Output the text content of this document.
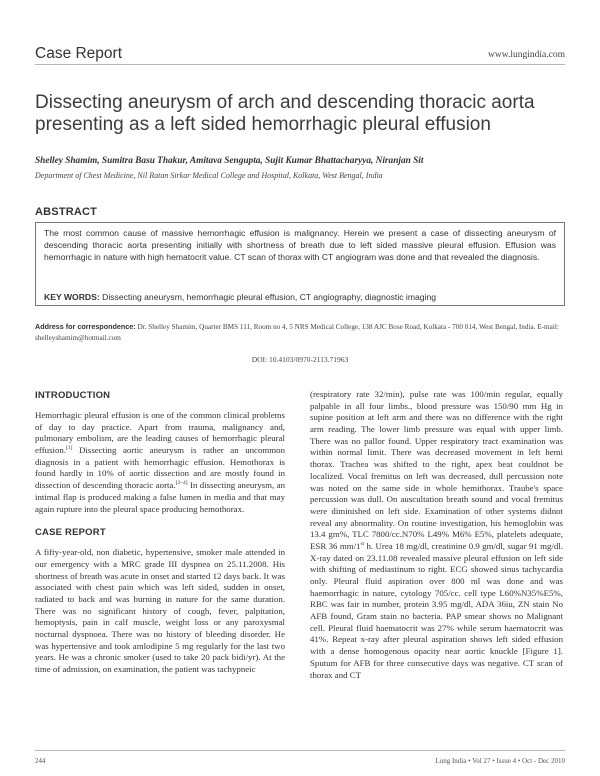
Case Report	www.lungindia.com
Dissecting aneurysm of arch and descending thoracic aorta presenting as a left sided hemorrhagic pleural effusion
Shelley Shamim, Sumitra Basu Thakur, Amitava Sengupta, Sujit Kumar Bhattacharyya, Niranjan Sit
Department of Chest Medicine, Nil Ratan Sirkar Medical College and Hospital, Kolkata, West Bengal, India
ABSTRACT
The most common cause of massive hemorrhagic effusion is malignancy. Herein we present a case of dissecting aneurysm of descending thoracic aorta presenting initially with shortness of breath due to left sided massive pleural effusion. Effusion was hemorrhagic in nature with high hematocrit value. CT scan of thorax with CT angiogram was done and that revealed the diagnosis.
KEY WORDS: Dissecting aneurysm, hemorrhagic pleural effusion, CT angiography, diagnostic imaging
Address for correspondence: Dr. Shelley Shamim, Quarter BMS 111, Room no 4, 5 NRS Medical College, 138 AJC Bose Road, Kolkata - 700 014, West Bengal, India. E-mail: shelleyshamim@hotmail.com
DOI: 10.4103/0970-2113.71963
INTRODUCTION

Hemorrhagic pleural effusion is one of the common clinical problems of day to day practice. Apart from trauma, malignancy and, pulmonary embolism, are the leading causes of hemorrhagic pleural effusion.[1] Dissecting aortic aneurysm is rather an uncommon diagnosis in a patient with hemorrhagic effusion. Hemothorax is found hardly in 10% of aortic dissection and are mostly found in dissection of descending thoracic aorta.[2–4] In dissecting aneurysm, an intimal flap is produced making a false lumen in media and that may again rupture into the pleural space producing hemothorax.

CASE REPORT

A fifty-year-old, non diabetic, hypertensive, smoker male attended in our emergency with a MRC grade III dyspnea on 25.11.2008. His shortness of breath was acute in onset and started 12 days back. It was associated with chest pain which was left sided, sudden in onset, radiated to back and was burning in nature for the same duration. There was no significant history of cough, fever, palpitation, hemoptysis, pain in calf muscle, weight loss or any paroxysmal nocturnal dyspnoea. There was no history of bleeding disorder. He was hypertensive and took amlodipine 5 mg regularly for the last two years. He was a chronic smoker (used to take 20 pack bidi/yr). At the time of admission, on examination, the patient was tachypneic

(respiratory rate 32/min), pulse rate was 100/min regular, equally palpable in all four limbs., blood pressure was 150/90 mm Hg in supine position at left arm and there was no difference with the right arm reading. The lower limb pressure was equal with upper limb. There was no pallor found. Upper respiratory tract examination was within normal limit. There was decreased movement in left hemi thorax. Trachea was shifted to the right, apex beat couldnot be localized. Vocal fremitus on left was decreased, dull percussion note was noted on the same side in whole hemithorax. Traube's space percussion was dull. On auscultation breath sound and vocal fremitus were diminished on left side. Examination of other systems didnot reveal any abnormality. On routine investigation, his hemoglobin was 13.4 gm%, TLC 7800/cc.N70% L49% M6% E5%, platelets adequate, ESR 36 mm/1st h. Urea 18 mg/dl, creatinine 0.9 gm/dl, sugar 91 mg/dl. X-ray dated on 23.11.08 revealed massive pleural effusion on left side with shifting of mediastinum to right. ECG showed sinus tachycardia only. Pleural fluid aspiration over 800 ml was done and was haemorrhagic in nature, cytology 705/cc. cell type L60%N35%E5%, RBC was fair in number, protein 3.95 mg/dl, ADA 36iu, ZN stain No AFB found, Gram stain no bacteria. PAP smear shows no Malignant cell. Pleural fluid haematocrit was 27% while serum haematocrit was 41%. Repeat x-ray after pleural aspiration shows left sided effusion with a dense homogenous opacity near aortic knuckle [Figure 1]. Sputum for AFB for three consecutive days was negative. CT scan of thorax and CT

244	Lung India • Vol 27 • Issue 4 • Oct - Dec 2010
